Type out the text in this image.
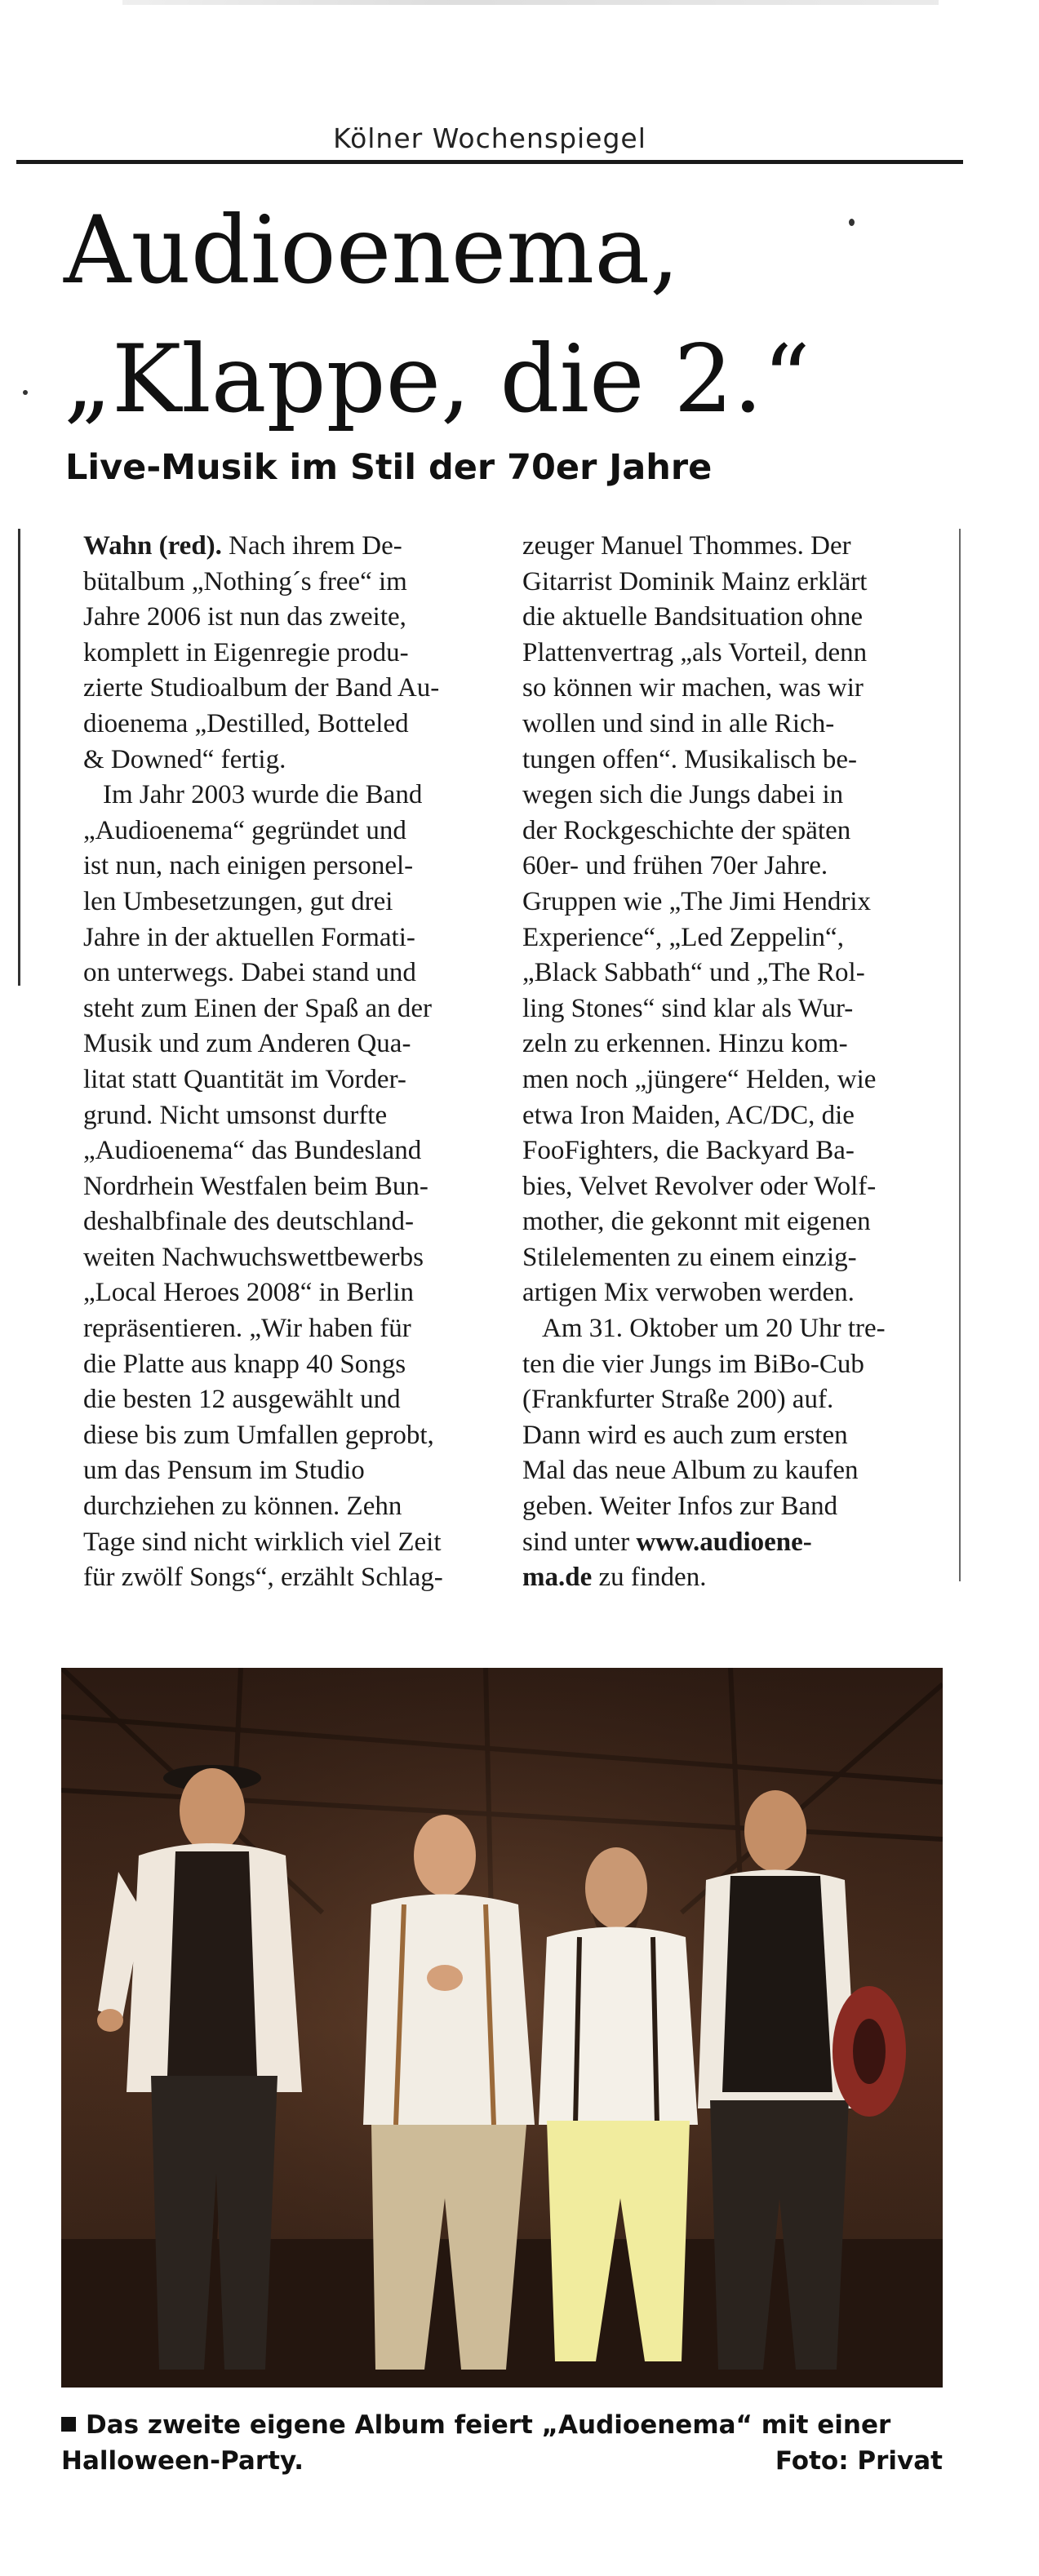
Kölner Wochenspiegel
Audioenema,
„Klappe, die 2.“
Live-Musik im Stil der 70er Jahre
Wahn (red). Nach ihrem De-
bütalbum „Nothing´s free“ im
Jahre 2006 ist nun das zweite,
komplett in Eigenregie produ-
zierte Studioalbum der Band Au-
dioenema „Destilled, Botteled
& Downed“ fertig.
Im Jahr 2003 wurde die Band
„Audioenema“ gegründet und
ist nun, nach einigen personel-
len Umbesetzungen, gut drei
Jahre in der aktuellen Formati-
on unterwegs. Dabei stand und
steht zum Einen der Spaß an der
Musik und zum Anderen Qua-
litat statt Quantität im Vorder-
grund. Nicht umsonst durfte
„Audioenema“ das Bundesland
Nordrhein Westfalen beim Bun-
deshalbfinale des deutschland-
weiten Nachwuchswettbewerbs
„Local Heroes 2008“ in Berlin
repräsentieren. „Wir haben für
die Platte aus knapp 40 Songs
die besten 12 ausgewählt und
diese bis zum Umfallen geprobt,
um das Pensum im Studio
durchziehen zu können. Zehn
Tage sind nicht wirklich viel Zeit
für zwölf Songs“, erzählt Schlag-
zeuger Manuel Thommes. Der
Gitarrist Dominik Mainz erklärt
die aktuelle Bandsituation ohne
Plattenvertrag „als Vorteil, denn
so können wir machen, was wir
wollen und sind in alle Rich-
tungen offen“. Musikalisch be-
wegen sich die Jungs dabei in
der Rockgeschichte der späten
60er- und frühen 70er Jahre.
Gruppen wie „The Jimi Hendrix
Experience“, „Led Zeppelin“,
„Black Sabbath“ und „The Rol-
ling Stones“ sind klar als Wur-
zeln zu erkennen. Hinzu kom-
men noch „jüngere“ Helden, wie
etwa Iron Maiden, AC/DC, die
FooFighters, die Backyard Ba-
bies, Velvet Revolver oder Wolf-
mother, die gekonnt mit eigenen
Stilelementen zu einem einzig-
artigen Mix verwoben werden.
Am 31. Oktober um 20 Uhr tre-
ten die vier Jungs im BiBo-Cub
(Frankfurter Straße 200) auf.
Dann wird es auch zum ersten
Mal das neue Album zu kaufen
geben. Weiter Infos zur Band
sind unter www.audioene-
ma.de zu finden.
Das zweite eigene Album feiert „Audioenema“ mit einer
Halloween-Party.	Foto: Privat
